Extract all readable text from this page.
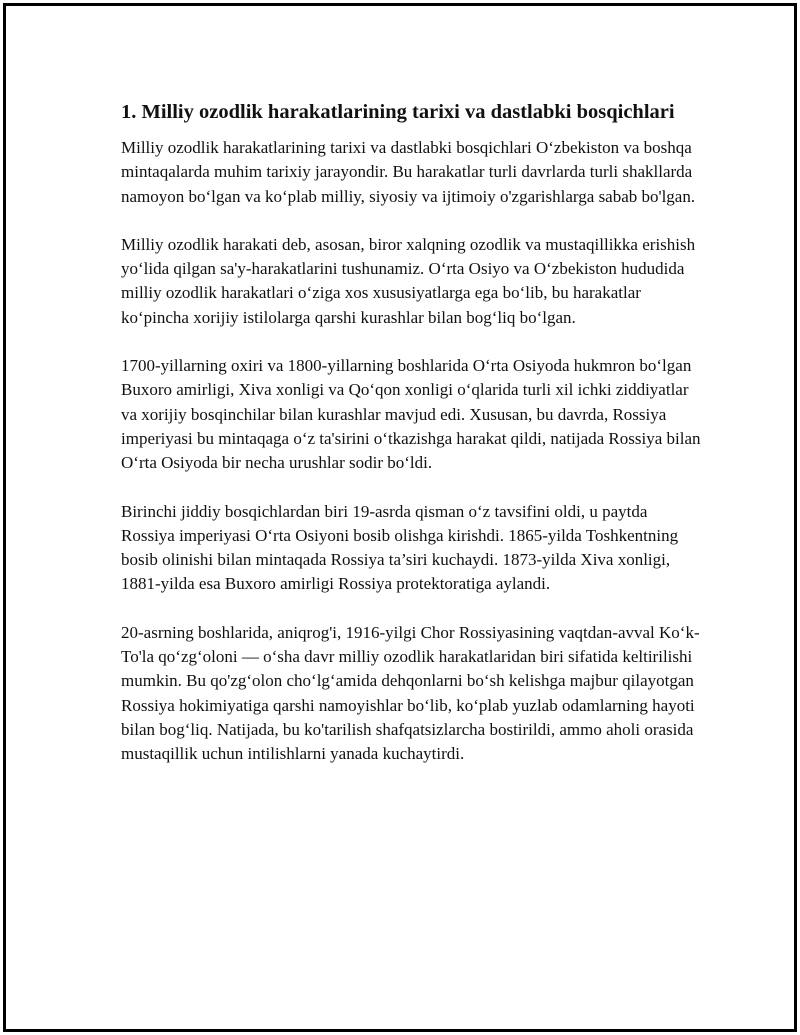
1. Milliy ozodlik harakatlarining tarixi va dastlabki bosqichlari

Milliy ozodlik harakatlarining tarixi va dastlabki bosqichlari O‘zbekiston va boshqa mintaqalarda muhim tarixiy jarayondir. Bu harakatlar turli davrlarda turli shakllarda namoyon bo‘lgan va ko‘plab milliy, siyosiy va ijtimoiy o'zgarishlarga sabab bo'lgan.

Milliy ozodlik harakati deb, asosan, biror xalqning ozodlik va mustaqillikka erishish yo‘lida qilgan sa'y-harakatlarini tushunamiz. O‘rta Osiyo va O‘zbekiston hududida milliy ozodlik harakatlari o‘ziga xos xususiyatlarga ega bo‘lib, bu harakatlar ko‘pincha xorijiy istilolarga qarshi kurashlar bilan bog‘liq bo‘lgan.

1700-yillarning oxiri va 1800-yillarning boshlarida O‘rta Osiyoda hukmron bo‘lgan Buxoro amirligi, Xiva xonligi va Qo‘qon xonligi o‘qlarida turli xil ichki ziddiyatlar va xorijiy bosqinchilar bilan kurashlar mavjud edi. Xususan, bu davrda, Rossiya imperiyasi bu mintaqaga o‘z ta'sirini o‘tkazishga harakat qildi, natijada Rossiya bilan O‘rta Osiyoda bir necha urushlar sodir bo‘ldi.

Birinchi jiddiy bosqichlardan biri 19-asrda qisman o‘z tavsifini oldi, u paytda Rossiya imperiyasi O‘rta Osiyoni bosib olishga kirishdi. 1865-yilda Toshkentning bosib olinishi bilan mintaqada Rossiya ta’siri kuchaydi. 1873-yilda Xiva xonligi, 1881-yilda esa Buxoro amirligi Rossiya protektoratiga aylandi.

20-asrning boshlarida, aniqrog'i, 1916-yilgi Chor Rossiyasining vaqtdan-avval Ko‘k-To'la qo‘zg‘oloni — o‘sha davr milliy ozodlik harakatlaridan biri sifatida keltirilishi mumkin. Bu qo'zg‘olon cho‘lg‘amida dehqonlarni bo‘sh kelishga majbur qilayotgan Rossiya hokimiyatiga qarshi namoyishlar bo‘lib, ko‘plab yuzlab odamlarning hayoti bilan bog‘liq. Natijada, bu ko'tarilish shafqatsizlarcha bostirildi, ammo aholi orasida mustaqillik uchun intilishlarni yanada kuchaytirdi.
